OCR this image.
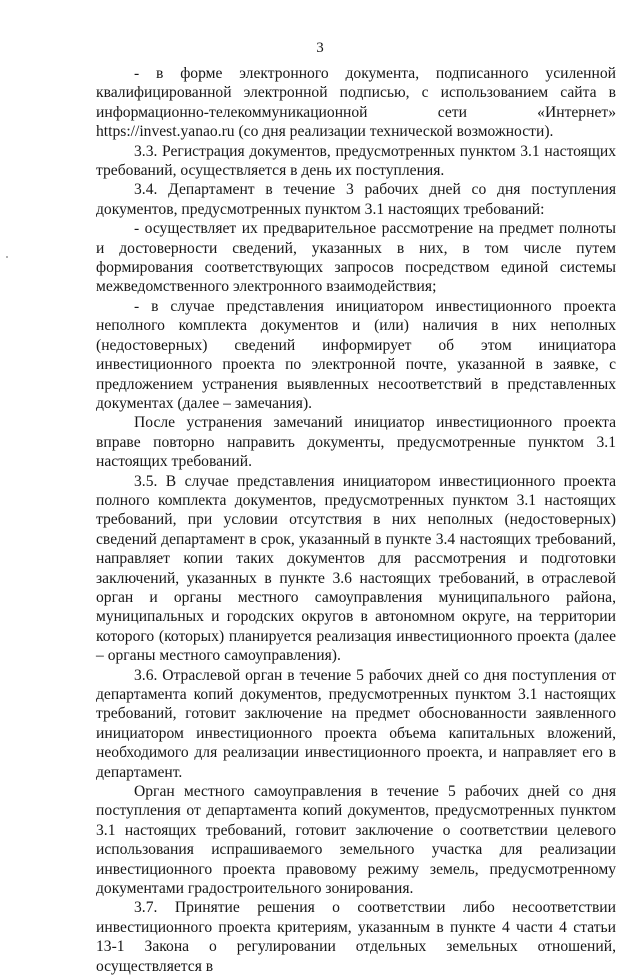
3

- в форме электронного документа, подписанного усиленной квалифицированной электронной подписью, с использованием сайта в информационно-телекоммуникационной сети «Интернет» https://invest.yanao.ru (со дня реализации технической возможности).

3.3. Регистрация документов, предусмотренных пунктом 3.1 настоящих требований, осуществляется в день их поступления.

3.4. Департамент в течение 3 рабочих дней со дня поступления документов, предусмотренных пунктом 3.1 настоящих требований:

- осуществляет их предварительное рассмотрение на предмет полноты и достоверности сведений, указанных в них, в том числе путем формирования соответствующих запросов посредством единой системы межведомственного электронного взаимодействия;

- в случае представления инициатором инвестиционного проекта неполного комплекта документов и (или) наличия в них неполных (недостоверных) сведений информирует об этом инициатора инвестиционного проекта по электронной почте, указанной в заявке, с предложением устранения выявленных несоответствий в представленных документах (далее – замечания).

После устранения замечаний инициатор инвестиционного проекта вправе повторно направить документы, предусмотренные пунктом 3.1 настоящих требований.

3.5. В случае представления инициатором инвестиционного проекта полного комплекта документов, предусмотренных пунктом 3.1 настоящих требований, при условии отсутствия в них неполных (недостоверных) сведений департамент в срок, указанный в пункте 3.4 настоящих требований, направляет копии таких документов для рассмотрения и подготовки заключений, указанных в пункте 3.6 настоящих требований, в отраслевой орган и органы местного самоуправления муниципального района, муниципальных и городских округов в автономном округе, на территории которого (которых) планируется реализация инвестиционного проекта (далее – органы местного самоуправления).

3.6. Отраслевой орган в течение 5 рабочих дней со дня поступления от департамента копий документов, предусмотренных пунктом 3.1 настоящих требований, готовит заключение на предмет обоснованности заявленного инициатором инвестиционного проекта объема капитальных вложений, необходимого для реализации инвестиционного проекта, и направляет его в департамент.

Орган местного самоуправления в течение 5 рабочих дней со дня поступления от департамента копий документов, предусмотренных пунктом 3.1 настоящих требований, готовит заключение о соответствии целевого использования испрашиваемого земельного участка для реализации инвестиционного проекта правовому режиму земель, предусмотренному документами градостроительного зонирования.

3.7. Принятие решения о соответствии либо несоответствии инвестиционного проекта критериям, указанным в пункте 4 части 4 статьи 13-1 Закона о регулировании отдельных земельных отношений, осуществляется в
